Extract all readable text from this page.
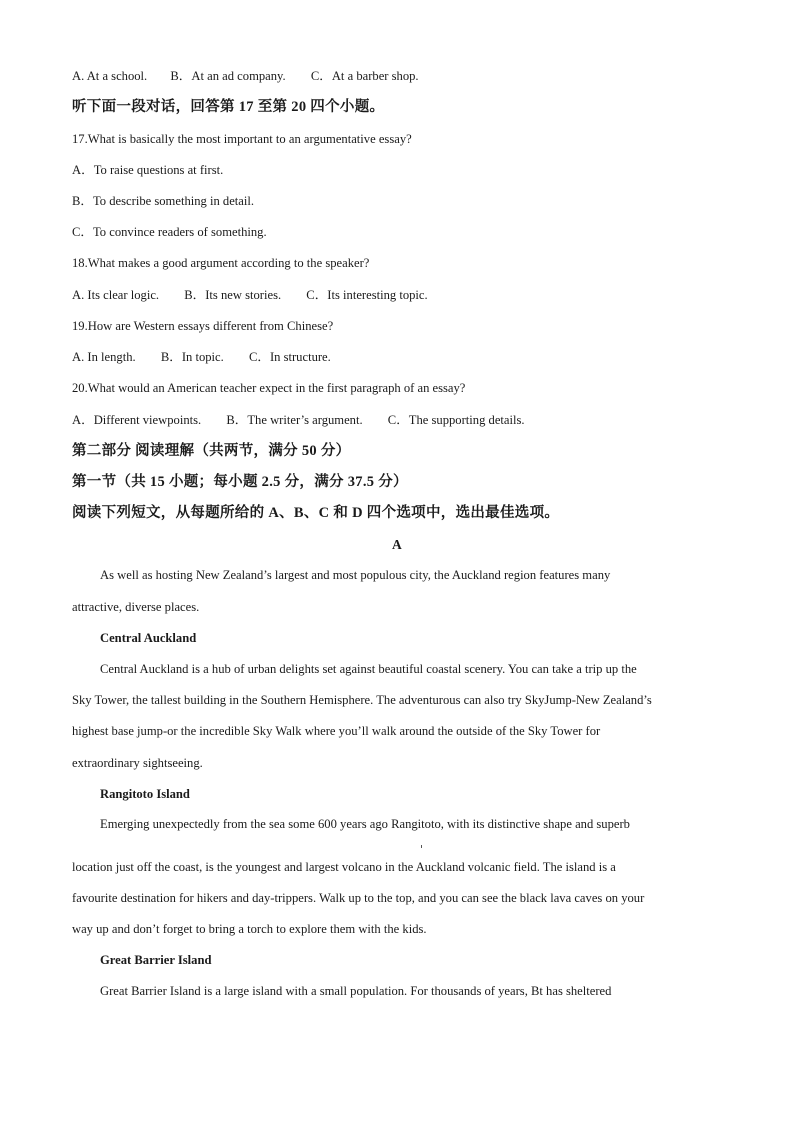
A. At a school. B．At an ad company. C．At a barber shop.
听下面一段对话，回答第 17 至第 20 四个小题。
17.What is basically the most important to an argumentative essay?
A．To raise questions at first.
B．To describe something in detail.
C．To convince readers of something.
18.What makes a good argument according to the speaker?
A. Its clear logic. B．Its new stories. C．Its interesting topic.
19.How are Western essays different from Chinese?
A. In length. B．In topic. C．In structure.
20.What would an American teacher expect in the first paragraph of an essay?
A．Different viewpoints. B．The writer’s argument. C．The supporting details.
第二部分 阅读理解（共两节，满分 50 分）
第一节（共 15 小题；每小题 2.5 分，满分 37.5 分）
阅读下列短文，从每题所给的 A、B、C 和 D 四个选项中，选出最佳选项。
A
As well as hosting New Zealand’s largest and most populous city, the Auckland region features many
attractive, diverse places.
Central Auckland
Central Auckland is a hub of urban delights set against beautiful coastal scenery. You can take a trip up the
Sky Tower, the tallest building in the Southern Hemisphere. The adventurous can also try SkyJump-New Zealand’s
highest base jump-or the incredible Sky Walk where you’ll walk around the outside of the Sky Tower for
extraordinary sightseeing.
Rangitoto Island
Emerging unexpectedly from the sea some 600 years ago Rangitoto, with its distinctive shape and superb
location just off the coast, is the youngest and largest volcano in the Auckland volcanic field. The island is a
favourite destination for hikers and day-trippers. Walk up to the top, and you can see the black lava caves on your
way up and don’t forget to bring a torch to explore them with the kids.
Great Barrier Island
Great Barrier Island is a large island with a small population. For thousands of years, Bt has sheltered
